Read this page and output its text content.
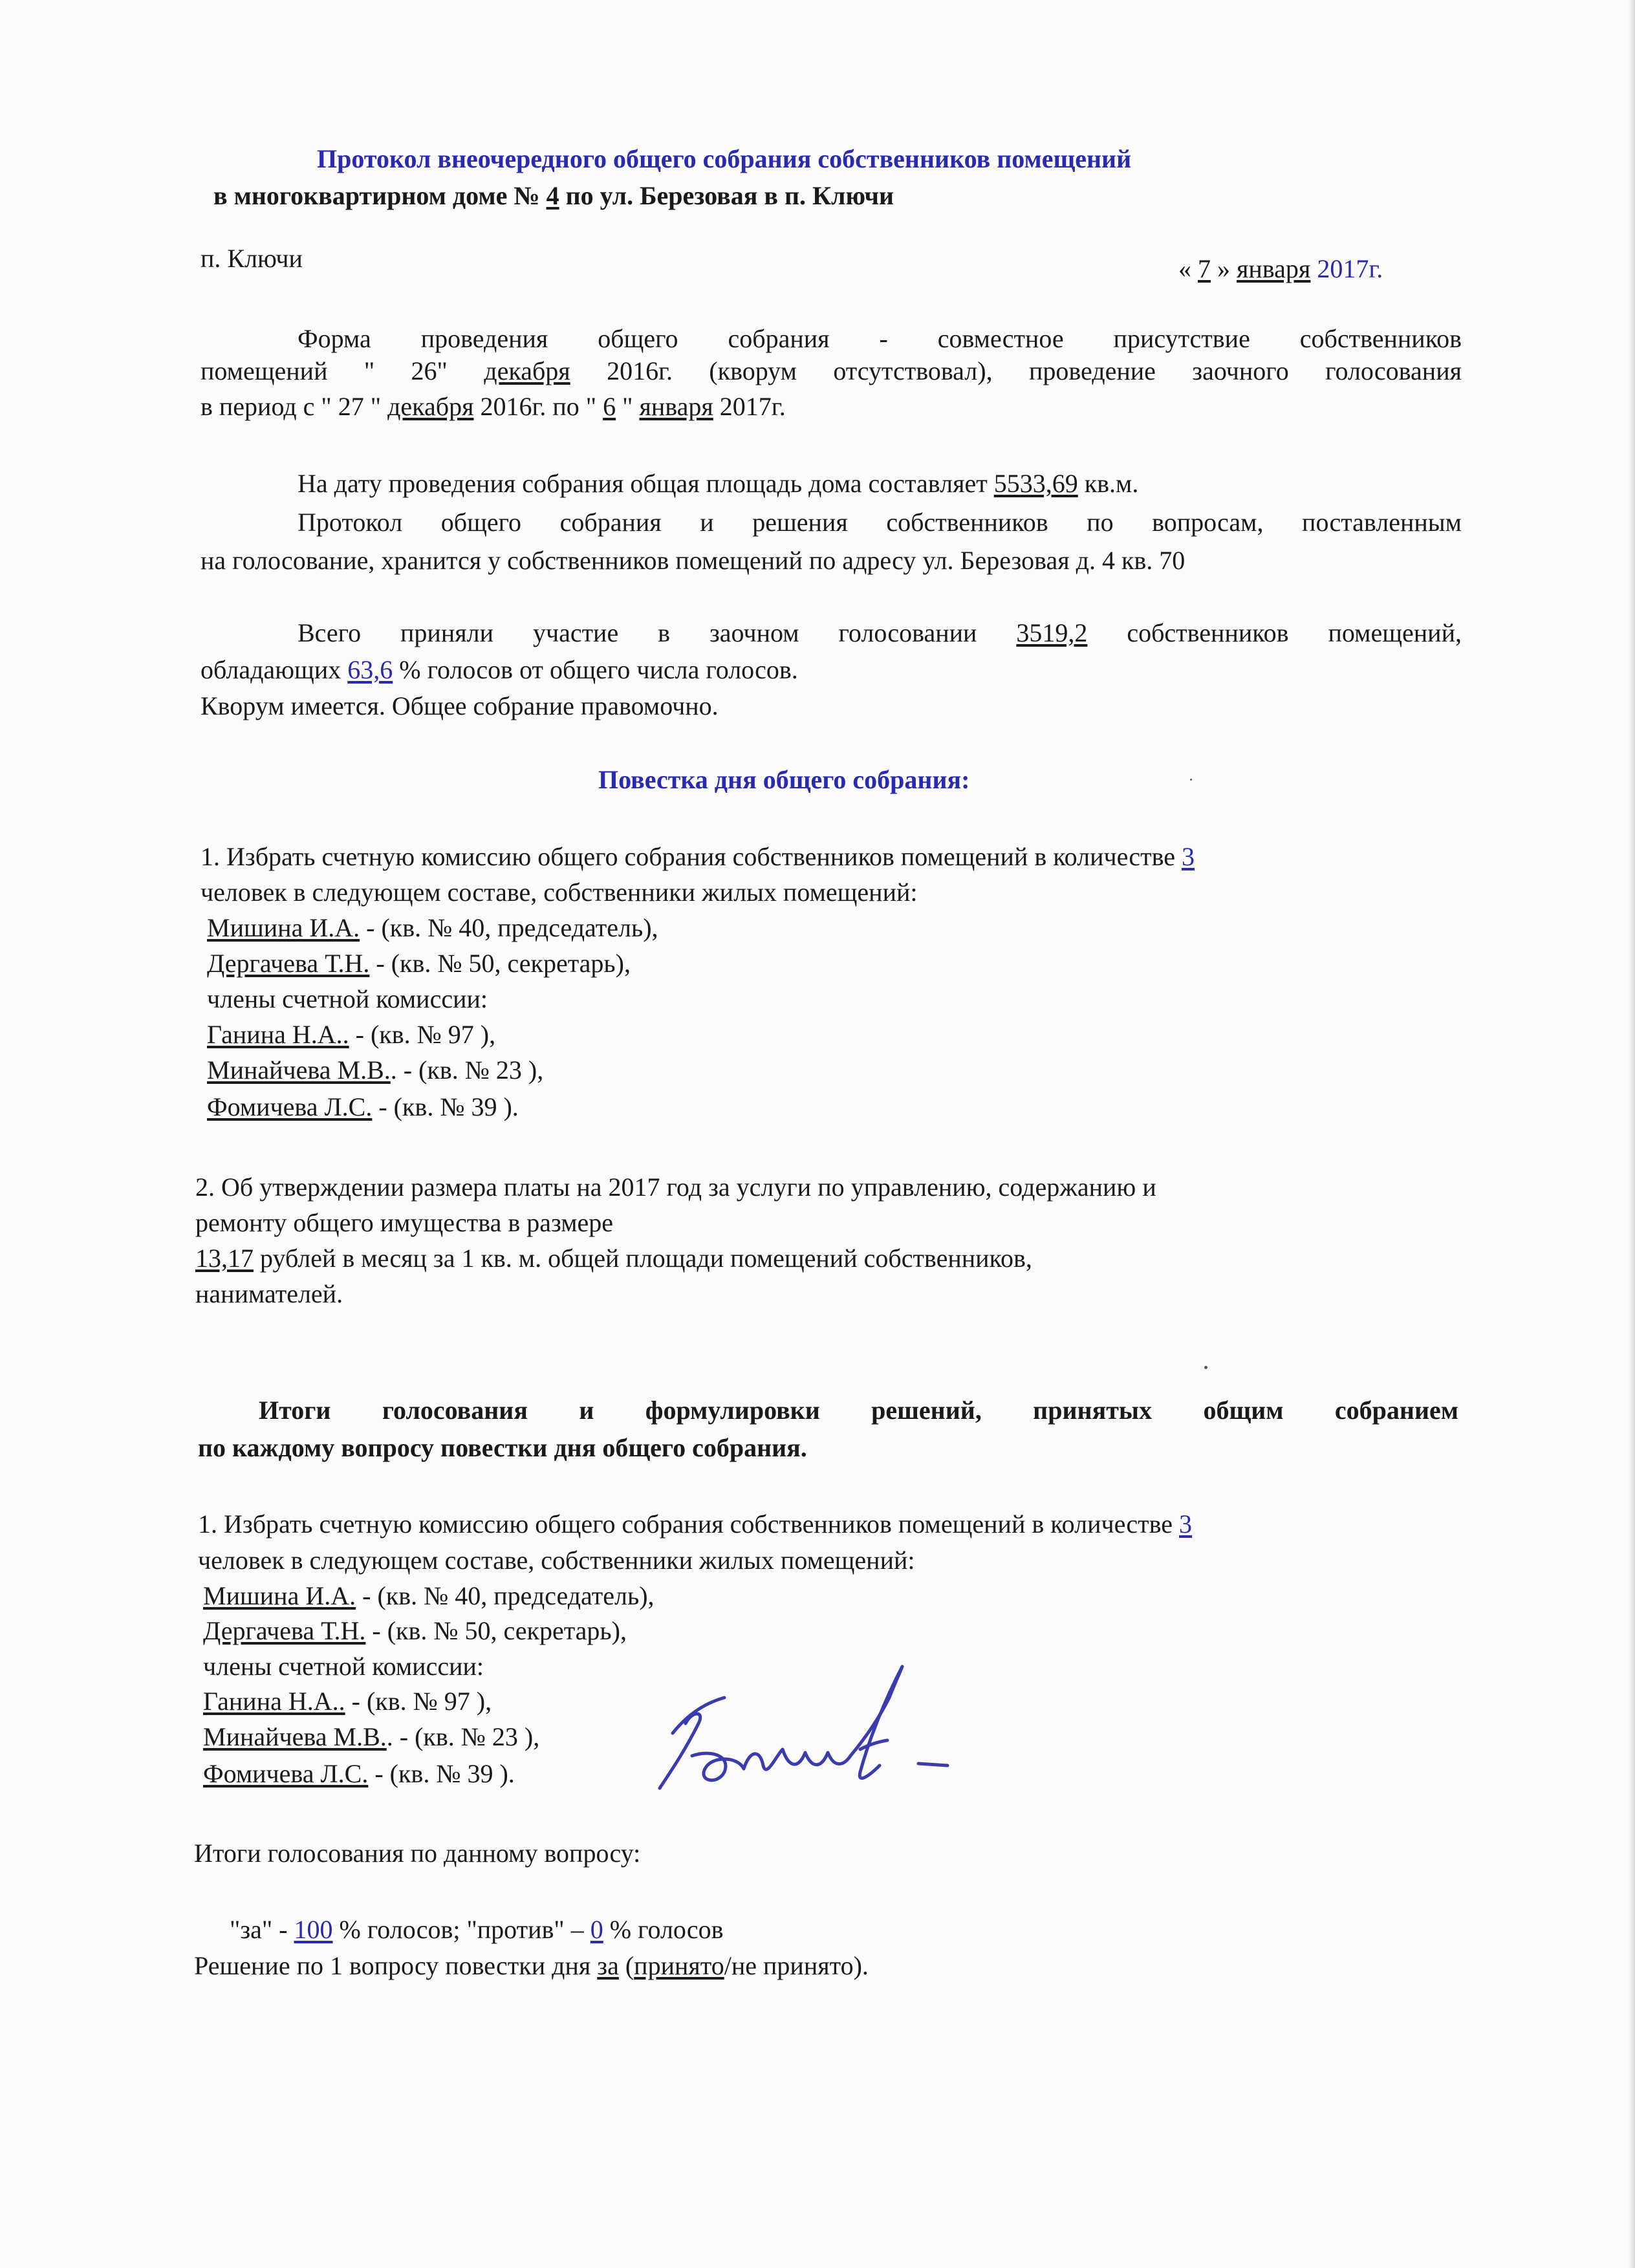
Протокол внеочередного общего собрания собственников помещений
в многоквартирном доме № 4 по ул. Березовая в п. Ключи
п. Ключи	« 7 » января 2017г.
Форма проведения общего собрания - совместное присутствие собственников
помещений " 26" декабря 2016г. (кворум отсутствовал), проведение заочного голосования
в период с " 27 " декабря 2016г. по " 6 " января 2017г.
На дату проведения собрания общая площадь дома составляет 5533,69 кв.м.
Протокол общего собрания и решения собственников по вопросам, поставленным
на голосование, хранится у собственников помещений по адресу ул. Березовая д. 4 кв. 70
Всего приняли участие в заочном голосовании 3519,2 собственников помещений,
обладающих 63,6 % голосов от общего числа голосов.
Кворум имеется. Общее собрание правомочно.
Повестка дня общего собрания:
1. Избрать счетную комиссию общего собрания собственников помещений в количестве 3
человек в следующем составе, собственники жилых помещений:
Мишина И.А. - (кв. № 40, председатель),
Дергачева Т.Н. - (кв. № 50, секретарь),
члены счетной комиссии:
Ганина Н.А.. - (кв. № 97 ),
Минайчева М.В.. - (кв. № 23 ),
Фомичева Л.С. - (кв. № 39 ).
2. Об утверждении размера платы на 2017 год за услуги по управлению, содержанию и
ремонту общего имущества в размере
13,17 рублей в месяц за 1 кв. м. общей площади помещений собственников,
нанимателей.
Итоги голосования и формулировки решений, принятых общим собранием
по каждому вопросу повестки дня общего собрания.
1. Избрать счетную комиссию общего собрания собственников помещений в количестве 3
человек в следующем составе, собственники жилых помещений:
Мишина И.А. - (кв. № 40, председатель),
Дергачева Т.Н. - (кв. № 50, секретарь),
члены счетной комиссии:
Ганина Н.А.. - (кв. № 97 ),
Минайчева М.В.. - (кв. № 23 ),
Фомичева Л.С. - (кв. № 39 ).
Итоги голосования по данному вопросу:
"за" - 100 % голосов; "против" – 0 % голосов
Решение по 1 вопросу повестки дня за (принято/не принято).
